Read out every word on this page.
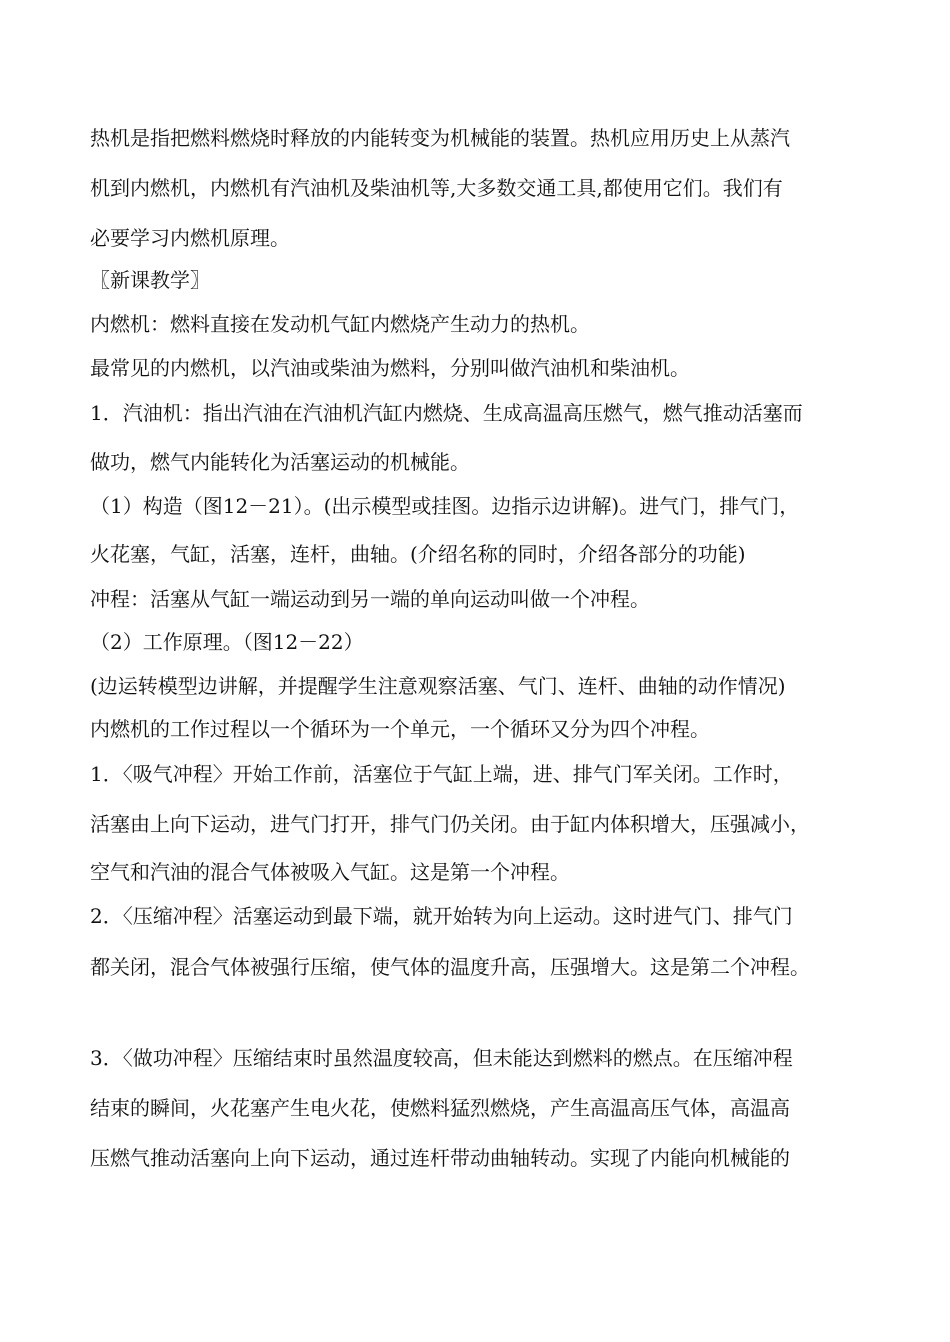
热机是指把燃料燃烧时释放的内能转变为机械能的装置。热机应用历史上从蒸汽
机到内燃机，内燃机有汽油机及柴油机等,大多数交通工具,都使用它们。我们有
必要学习内燃机原理。
〖新课教学〗
内燃机：燃料直接在发动机气缸内燃烧产生动力的热机。
最常见的内燃机，以汽油或柴油为燃料，分别叫做汽油机和柴油机。
1．汽油机：指出汽油在汽油机汽缸内燃烧、生成高温高压燃气，燃气推动活塞而
做功，燃气内能转化为活塞运动的机械能。
（1）构造（图12－21）。(出示模型或挂图。边指示边讲解)。进气门，排气门，
火花塞，气缸，活塞，连杆，曲轴。(介绍名称的同时，介绍各部分的功能)
冲程：活塞从气缸一端运动到另一端的单向运动叫做一个冲程。
（2）工作原理。（图12－22）
(边运转模型边讲解，并提醒学生注意观察活塞、气门、连杆、曲轴的动作情况)
内燃机的工作过程以一个循环为一个单元，一个循环又分为四个冲程。
1．〈吸气冲程〉开始工作前，活塞位于气缸上端，进、排气门军关闭。工作时，
活塞由上向下运动，进气门打开，排气门仍关闭。由于缸内体积增大，压强减小，
空气和汽油的混合气体被吸入气缸。这是第一个冲程。
2．〈压缩冲程〉活塞运动到最下端，就开始转为向上运动。这时进气门、排气门
都关闭，混合气体被强行压缩，使气体的温度升高，压强增大。这是第二个冲程。
3．〈做功冲程〉压缩结束时虽然温度较高，但未能达到燃料的燃点。在压缩冲程
结束的瞬间，火花塞产生电火花，使燃料猛烈燃烧，产生高温高压气体，高温高
压燃气推动活塞向上向下运动，通过连杆带动曲轴转动。实现了内能向机械能的
